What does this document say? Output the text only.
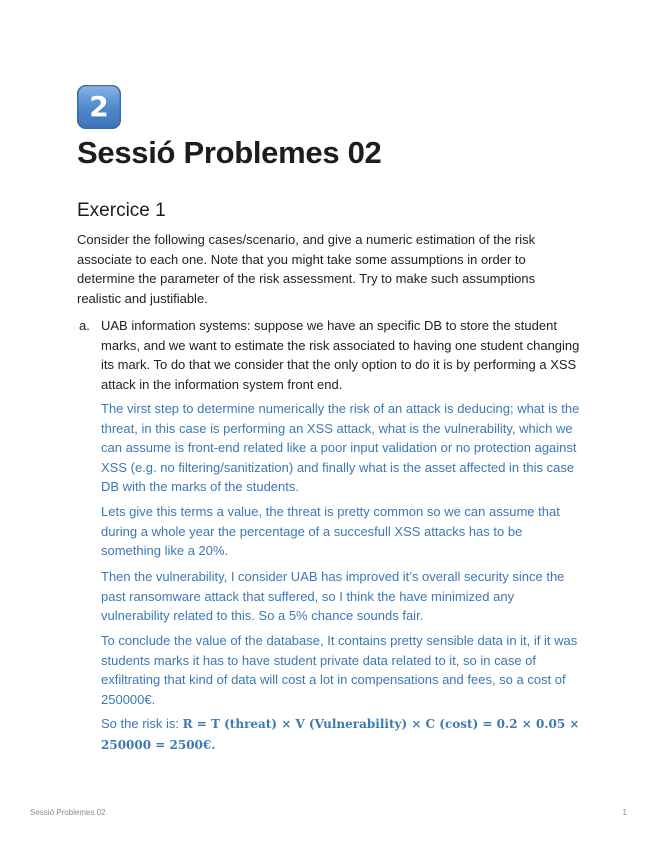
2
Sessió Problemes 02
Exercice 1

Consider the following cases/scenario, and give a numeric estimation of the risk associate to each one. Note that you might take some assumptions in order to determine the parameter of the risk assessment. Try to make such assumptions realistic and justifiable.

a. UAB information systems: suppose we have an specific DB to store the student marks, and we want to estimate the risk associated to having one student changing its mark. To do that we consider that the only option to do it is by performing a XSS attack in the information system front end.

The virst step to determine numerically the risk of an attack is deducing; what is the threat, in this case is performing an XSS attack, what is the vulnerability, which we can assume is front-end related like a poor input validation or no protection against XSS (e.g. no filtering/sanitization) and finally what is the asset affected in this case DB with the marks of the students.

Lets give this terms a value, the threat is pretty common so we can assume that during a whole year the percentage of a succesfull XSS attacks has to be something like a 20%.

Then the vulnerability, I consider UAB has improved it’s overall security since the past ransomware attack that suffered, so I think the have minimized any vulnerability related to this. So a 5% chance sounds fair.

To conclude the value of the database, It contains pretty sensible data in it, if it was students marks it has to have student private data related to it, so in case of exfiltrating that kind of data will cost a lot in compensations and fees, so a cost of 250000€.

So the risk is: R = T (threat) × V (Vulnerability) × C (cost) = 0.2 × 0.05 × 250000 = 2500€.

Sessió Problemes 02	1
